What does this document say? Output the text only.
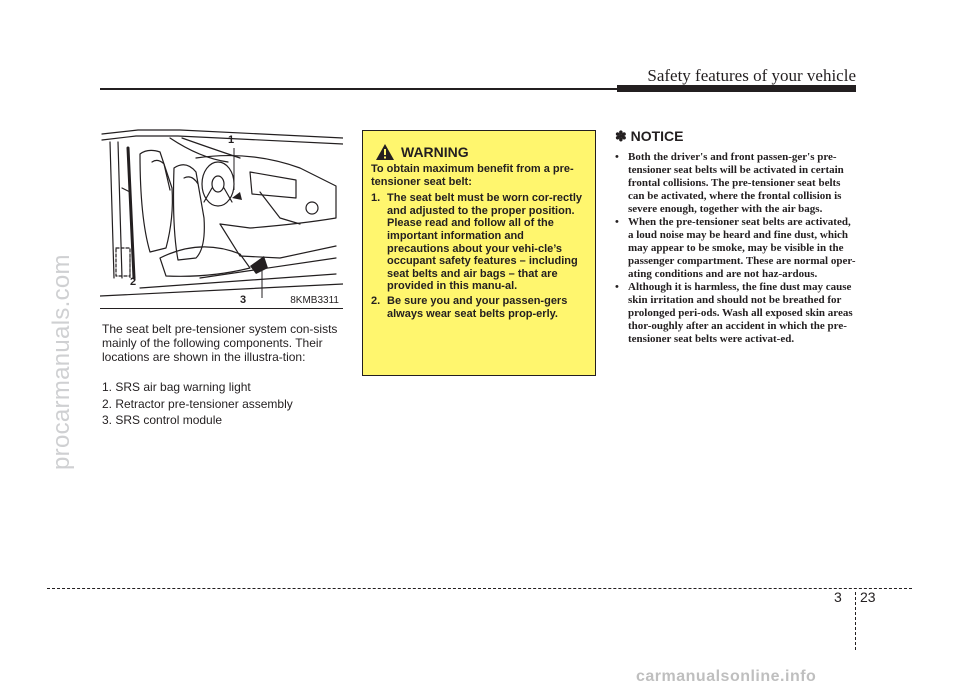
Safety features of your vehicle
procarmanuals.com
1
2
3	8KMB3311

The seat belt pre-tensioner system con-sists mainly of the following components. Their locations are shown in the illustra-tion:

1. SRS air bag warning light
2. Retractor pre-tensioner assembly
3. SRS control module
WARNING

To obtain maximum benefit from a pre-tensioner seat belt:

1. The seat belt must be worn cor-rectly and adjusted to the proper position. Please read and follow all of the important information and precautions about your vehi-cle’s occupant safety features – including seat belts and air bags – that are provided in this manu-al.
2. Be sure you and your passen-gers always wear seat belts prop-erly.
✽ NOTICE
• Both the driver's and front passen-ger's pre-tensioner seat belts will be activated in certain frontal collisions. The pre-tensioner seat belts can be activated, where the frontal collision is severe enough, together with the air bags.
• When the pre-tensioner seat belts are activated, a loud noise may be heard and fine dust, which may appear to be smoke, may be visible in the passenger compartment. These are normal oper-ating conditions and are not haz-ardous.
• Although it is harmless, the fine dust may cause skin irritation and should not be breathed for prolonged peri-ods. Wash all exposed skin areas thor-oughly after an accident in which the pre-tensioner seat belts were activat-ed.
3 23
carmanualsonline.info
